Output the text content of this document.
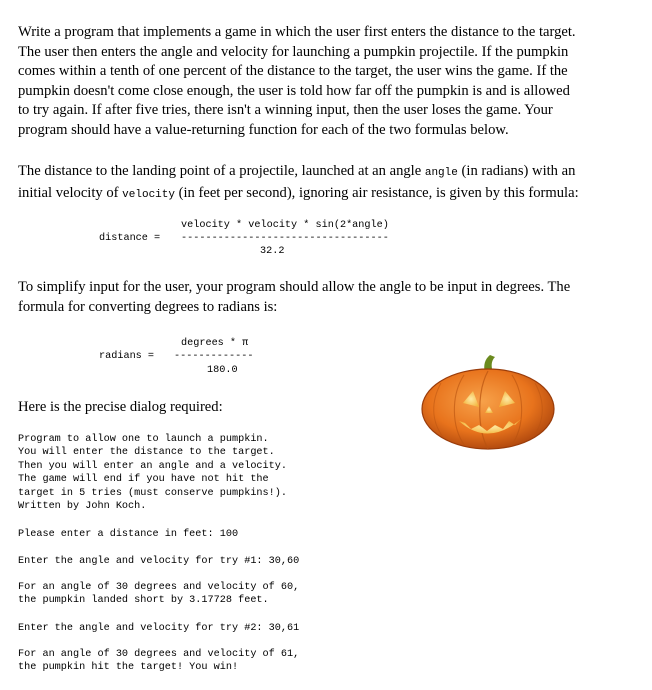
Write a program that implements a game in which the user first enters the distance to the target.
The user then enters the angle and velocity for launching a pumpkin projectile. If the pumpkin
comes within a tenth of one percent of the distance to the target, the user wins the game. If the
pumpkin doesn't come close enough, the user is told how far off the pumpkin is and is allowed
to try again. If after five tries, there isn't a winning input, then the user loses the game. Your
program should have a value-returning function for each of the two formulas below.

The distance to the landing point of a projectile, launched at an angle angle (in radians) with an
initial velocity of velocity (in feet per second), ignoring air resistance, is given by this formula:

velocity * velocity * sin(2*angle)
distance = ----------------------------------
32.2

To simplify input for the user, your program should allow the angle to be input in degrees. The
formula for converting degrees to radians is:

degrees * π
radians = -------------
180.0

Here is the precise dialog required:

Program to allow one to launch a pumpkin.
You will enter the distance to the target.
Then you will enter an angle and a velocity.
The game will end if you have not hit the
target in 5 tries (must conserve pumpkins!).
Written by John Koch.
Please enter a distance in feet: 100
Enter the angle and velocity for try #1: 30,60
For an angle of 30 degrees and velocity of 60,
the pumpkin landed short by 3.17728 feet.
Enter the angle and velocity for try #2: 30,61
For an angle of 30 degrees and velocity of 61,
the pumpkin hit the target! You win!
